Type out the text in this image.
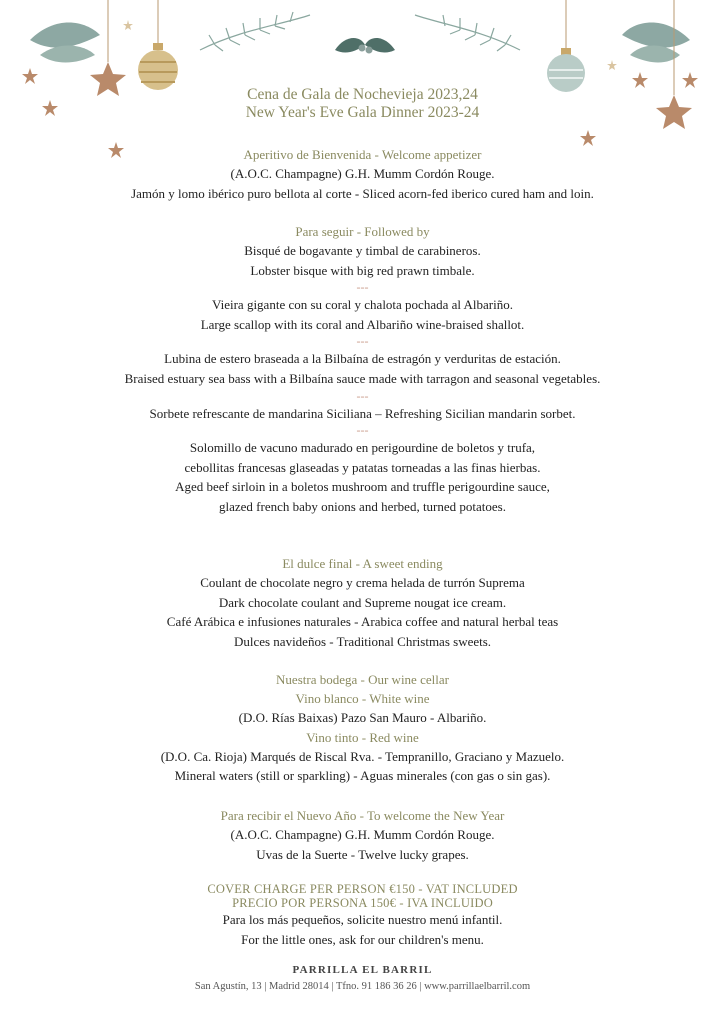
Cena de Gala de Nochevieja 2023,24
New Year's Eve Gala Dinner 2023-24
Aperitivo de Bienvenida - Welcome appetizer
(A.O.C. Champagne) G.H. Mumm Cordón Rouge.
Jamón y lomo ibérico puro bellota al corte - Sliced acorn-fed iberico cured ham and loin.
Para seguir - Followed by
Bisqué de bogavante y timbal de carabineros.
Lobster bisque with big red prawn timbale.
---
Vieira gigante con su coral y chalota pochada al Albariño.
Large scallop with its coral and Albariño wine-braised shallot.
---
Lubina de estero braseada a la Bilbaína de estragón y verduritas de estación.
Braised estuary sea bass with a Bilbaína sauce made with tarragon and seasonal vegetables.
---
Sorbete refrescante de mandarina Siciliana – Refreshing Sicilian mandarin sorbet.
---
Solomillo de vacuno madurado en perigourdine de boletos y trufa,
cebollitas francesas glaseadas y patatas torneadas a las finas hierbas.
Aged beef sirloin in a boletos mushroom and truffle perigourdine sauce,
glazed french baby onions and herbed, turned potatoes.
El dulce final - A sweet ending
Coulant de chocolate negro y crema helada de turrón Suprema
Dark chocolate coulant and Supreme nougat ice cream.
Café Arábica e infusiones naturales - Arabica coffee and natural herbal teas
Dulces navideños - Traditional Christmas sweets.
Nuestra bodega - Our wine cellar
Vino blanco - White wine
(D.O. Rías Baixas) Pazo San Mauro - Albariño.
Vino tinto - Red wine
(D.O. Ca. Rioja) Marqués de Riscal Rva. - Tempranillo, Graciano y Mazuelo.
Mineral waters (still or sparkling) - Aguas minerales (con gas o sin gas).
Para recibir el Nuevo Año - To welcome the New Year
(A.O.C. Champagne) G.H. Mumm Cordón Rouge.
Uvas de la Suerte - Twelve lucky grapes.
COVER CHARGE PER PERSON €150 - VAT INCLUDED
PRECIO POR PERSONA 150€ - IVA INCLUIDO
Para los más pequeños, solicite nuestro menú infantil.
For the little ones, ask for our children's menu.
PARRILLA EL BARRIL
San Agustín, 13 | Madrid 28014 | Tfno. 91 186 36 26 | www.parrillaelbarril.com
